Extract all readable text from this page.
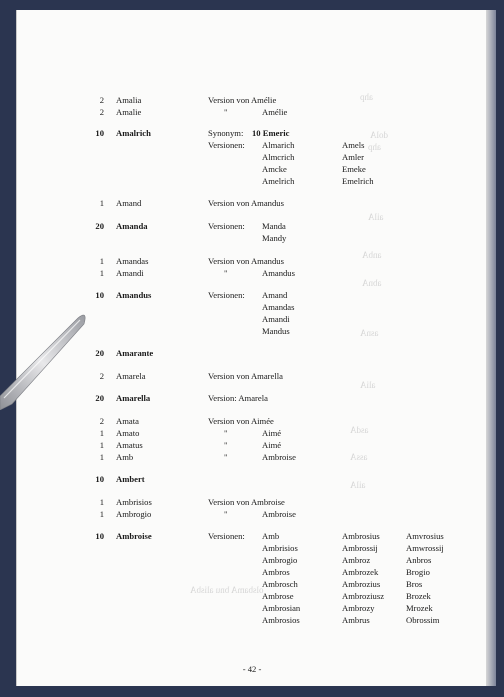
ahp
dolA
ahp
ailA
anbA
abnA
asnA
aliA
asdA
assA
ailA
olsbamA bnu alisbA
2 Amalia	Version von Amélie
2 Amalie	"	Amélie
10 Amalrich	Synonym: 10 Emeric
Versionen: Almarich	Amels
Almcrich	Amler
Amcke	Emeke
Amelrich	Emelrich
1 Amand	Version von Amandus
20 Amanda	Versionen: Manda
Mandy
1 Amandas	Version von Amandus
1 Amandi	"	Amandus
10 Amandus	Versionen: Amand
Amandas
Amandi
Mandus
20 Amarante
2 Amarela	Version von Amarella
20 Amarella	Version: Amarela
2 Amata	Version von Aimée
1 Amato	"	Aimé
1 Amatus	"	Aimé
1 Amb	"	Ambroise
10 Ambert
1 Ambrisios	Version von Ambroise
1 Ambrogio	"	Ambroise
10 Ambroise	Versionen: Amb	Ambrosius	Amvrosius
Ambrisios	Ambrossij	Amwrossij
Ambrogio	Ambroz	Anbros
Ambros	Ambrozek	Brogio
Ambrosch	Ambrozius	Bros
Ambrose	Ambroziusz	Brozek
Ambrosian	Ambrozy	Mrozek
Ambrosios	Ambrus	Obrossim
- 42 -
